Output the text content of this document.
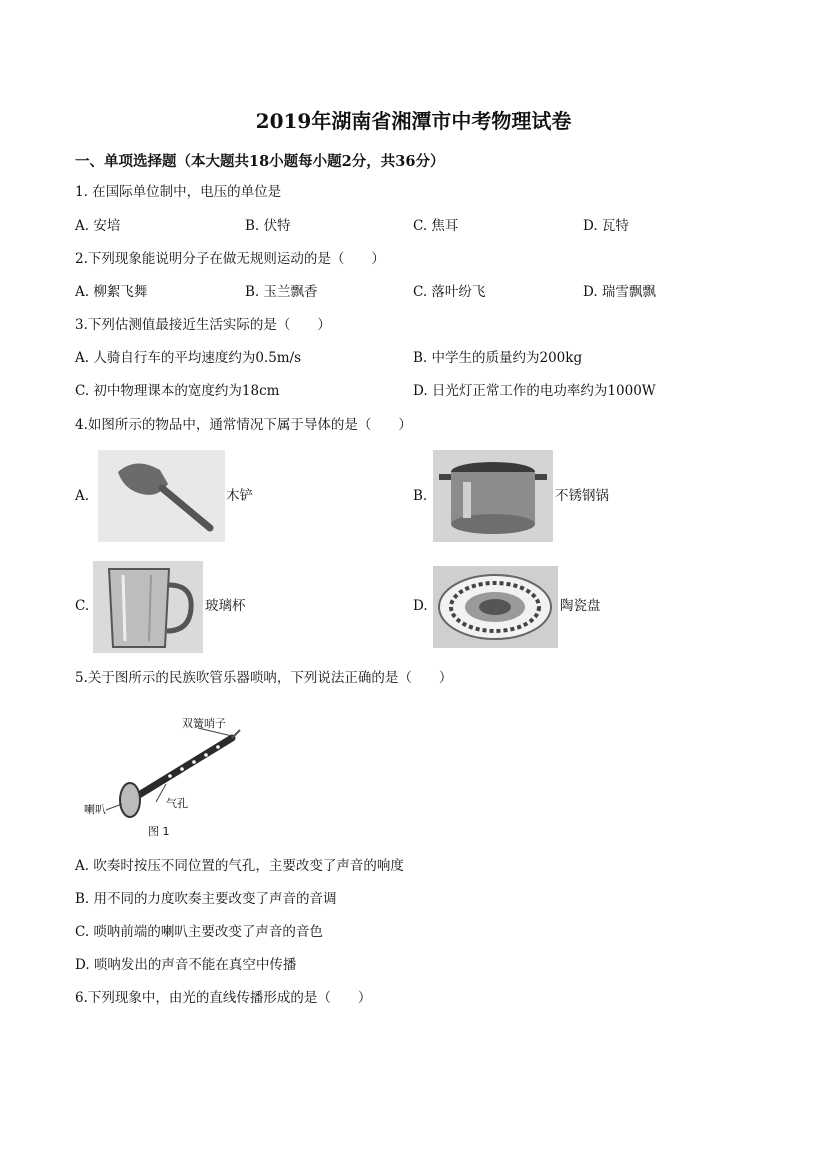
2019年湖南省湘潭市中考物理试卷
一、单项选择题（本大题共18小题每小题2分，共36分）
1. 在国际单位制中，电压的单位是
A. 安培	B. 伏特	C. 焦耳	D. 瓦特
2.下列现象能说明分子在做无规则运动的是（　　）
A. 柳絮飞舞	B. 玉兰飘香	C. 落叶纷飞	D. 瑞雪飘飘
3.下列估测值最接近生活实际的是（　　）
A. 人骑自行车的平均速度约为0.5m/s	B. 中学生的质量约为200kg
C. 初中物理课本的宽度约为18cm	D. 日光灯正常工作的电功率约为1000W
4.如图所示的物品中，通常情况下属于导体的是（　　）
A.	木铲	B.	不锈钢锅
C.	玻璃杯	D.	陶瓷盘
5.关于图所示的民族吹管乐器唢呐，下列说法正确的是（　　）
双簧哨子
气孔
喇叭
图 1
A. 吹奏时按压不同位置的气孔，主要改变了声音的响度
B. 用不同的力度吹奏主要改变了声音的音调
C. 唢呐前端的喇叭主要改变了声音的音色
D. 唢呐发出的声音不能在真空中传播
6.下列现象中，由光的直线传播形成的是（　　）
